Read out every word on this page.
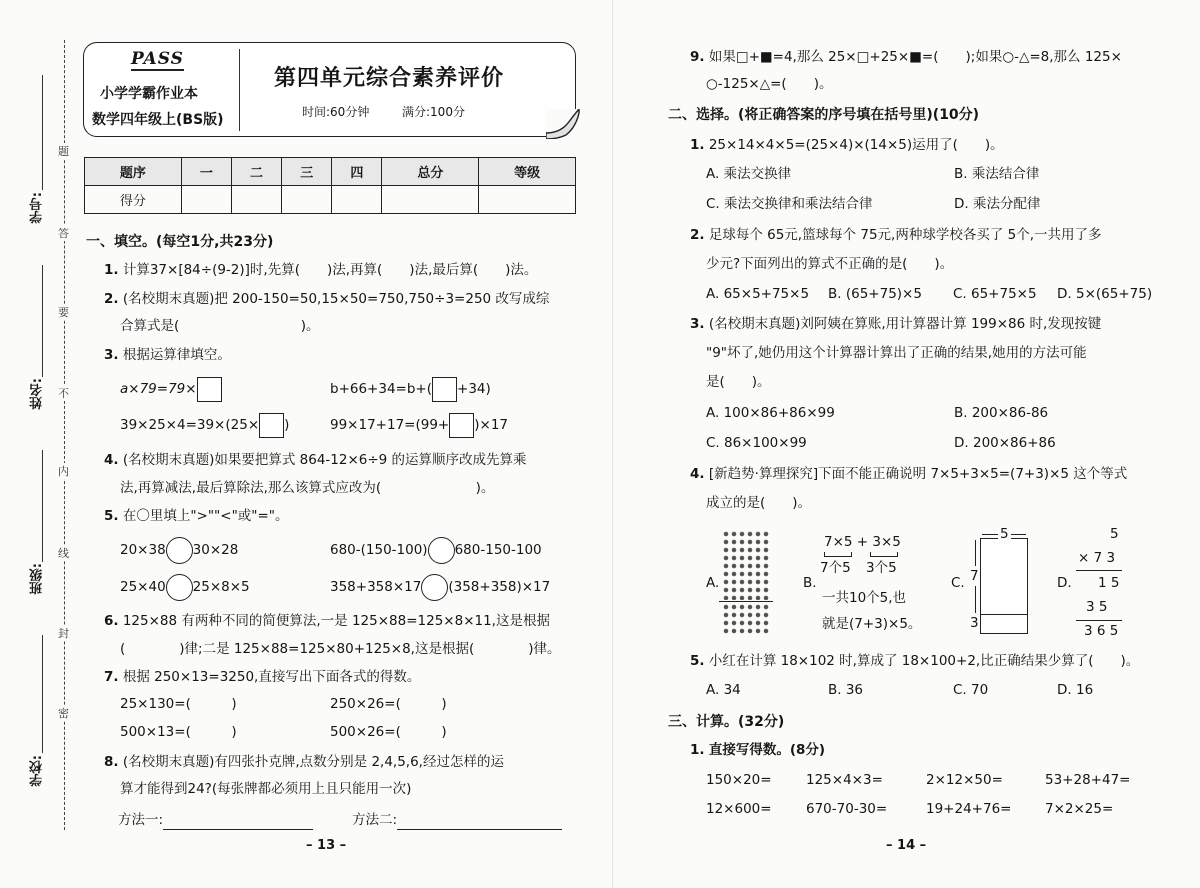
题
答
要
不
内
线
封
密
学号:
姓名:
班级:
学校:
PASS
小学学霸作业本
数学四年级上(BS版)
第四单元综合素养评价
时间:60分钟	满分:100分
题序	一	二	三	四	总分	等级
得分						
一、填空。(每空1分,共23分)
1. 计算37×[84÷(9-2)]时,先算(　　)法,再算(　　)法,最后算(　　)法。
2. (名校期末真题)把 200-150=50,15×50=750,750÷3=250 改写成综
合算式是(　　　　　　　　　)。
3. 根据运算律填空。
a×79=79×	b+66+34=b+( +34)
39×25×4=39×(25× )	99×17+17=(99+ )×17
4. (名校期末真题)如果要把算式 864-12×6÷9 的运算顺序改成先算乘
法,再算减法,最后算除法,那么该算式应改为(　　　　　　　)。
5. 在〇里填上">""<"或"="。
20×38 30×28	680-(150-100) 680-150-100
25×40 25×8×5	358+358×17 (358+358)×17
6. 125×88 有两种不同的简便算法,一是 125×88=125×8×11,这是根据
(　　　　)律;二是 125×88=125×80+125×8,这是根据(　　　　)律。
7. 根据 250×13=3250,直接写出下面各式的得数。
25×130=(　　　)	250×26=(　　　)
500×13=(　　　)	500×26=(　　　)
8. (名校期末真题)有四张扑克牌,点数分别是 2,4,5,6,经过怎样的运
算才能得到24?(每张牌都必须用上且只能用一次)
方法一:	方法二:
– 13 –
9. 如果□+■=4,那么 25×□+25×■=(　　);如果○-△=8,那么 125×
○-125×△=(　　)。
二、选择。(将正确答案的序号填在括号里)(10分)
1. 25×14×4×5=(25×4)×(14×5)运用了(　　)。
A. 乘法交换律	B. 乘法结合律
C. 乘法交换律和乘法结合律	D. 乘法分配律
2. 足球每个 65元,篮球每个 75元,两种球学校各买了 5个,一共用了多
少元?下面列出的算式不正确的是(　　)。
A. 65×5+75×5 B. (65+75)×5 C. 65+75×5 D. 5×(65+75)
3. (名校期末真题)刘阿姨在算账,用计算器计算 199×86 时,发现按键
"9"坏了,她仍用这个计算器计算出了正确的结果,她用的方法可能
是(　　)。
A. 100×86+86×99	B. 200×86-86
C. 86×100×99	D. 200×86+86
4. [新趋势·算理探究]下面不能正确说明 7×5+3×5=(7+3)×5 这个等式
成立的是(　　)。
A.	B.
7×5 + 3×5
7个5 3个5
一共10个5,也
就是(7+3)×5。
C.
5
7
3
D.
5
× 7 3
1 5
3 5
3 6 5
5. 小红在计算 18×102 时,算成了 18×100+2,比正确结果少算了(　　)。
A. 34	B. 36	C. 70	D. 16
三、计算。(32分)
1. 直接写得数。(8分)
150×20=	125×4×3=	2×12×50=	53+28+47=
12×600=	670-70-30=	19+24+76= 7×2×25=
– 14 –
